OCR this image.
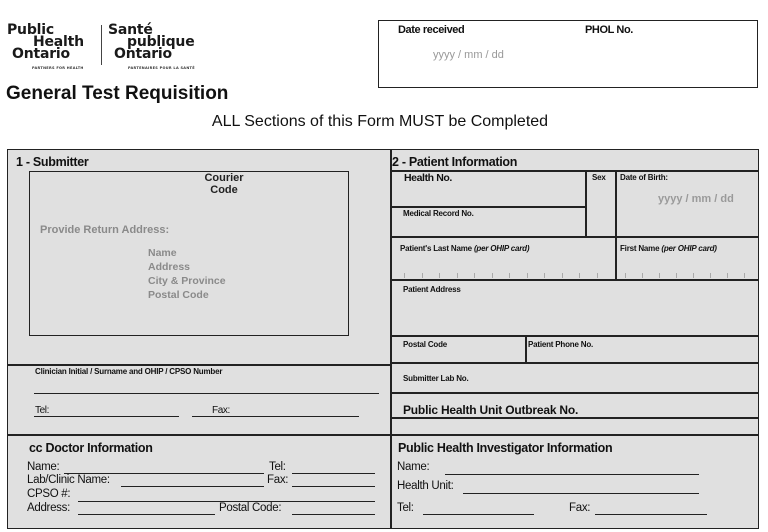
Public
Health
Ontario
PARTNERS FOR HEALTH
Santé
publique
Ontario
PARTENAIRES POUR LA SANTÉ
General Test Requisition
Date received	PHOL No.
yyyy / mm / dd
ALL Sections of this Form MUST be Completed
1 - Submitter
Courier
Code
Provide Return Address:
Name
Address
City & Province
Postal Code
Clinician Initial / Surname and OHIP / CPSO Number
Tel:	Fax:
cc Doctor Information
Name:	Tel:
Lab/Clinic Name:	Fax:
CPSO #:
Address:	Postal Code:
2 - Patient Information
Health No.
Medical Record No.
Sex Date of Birth:
yyyy / mm / dd
Patient's Last Name (per OHIP card)	First Name (per OHIP card)
Patient Address
Postal Code	Patient Phone No.
Submitter Lab No.
Public Health Unit Outbreak No.
Public Health Investigator Information
Name:
Health Unit:
Tel:	Fax:
